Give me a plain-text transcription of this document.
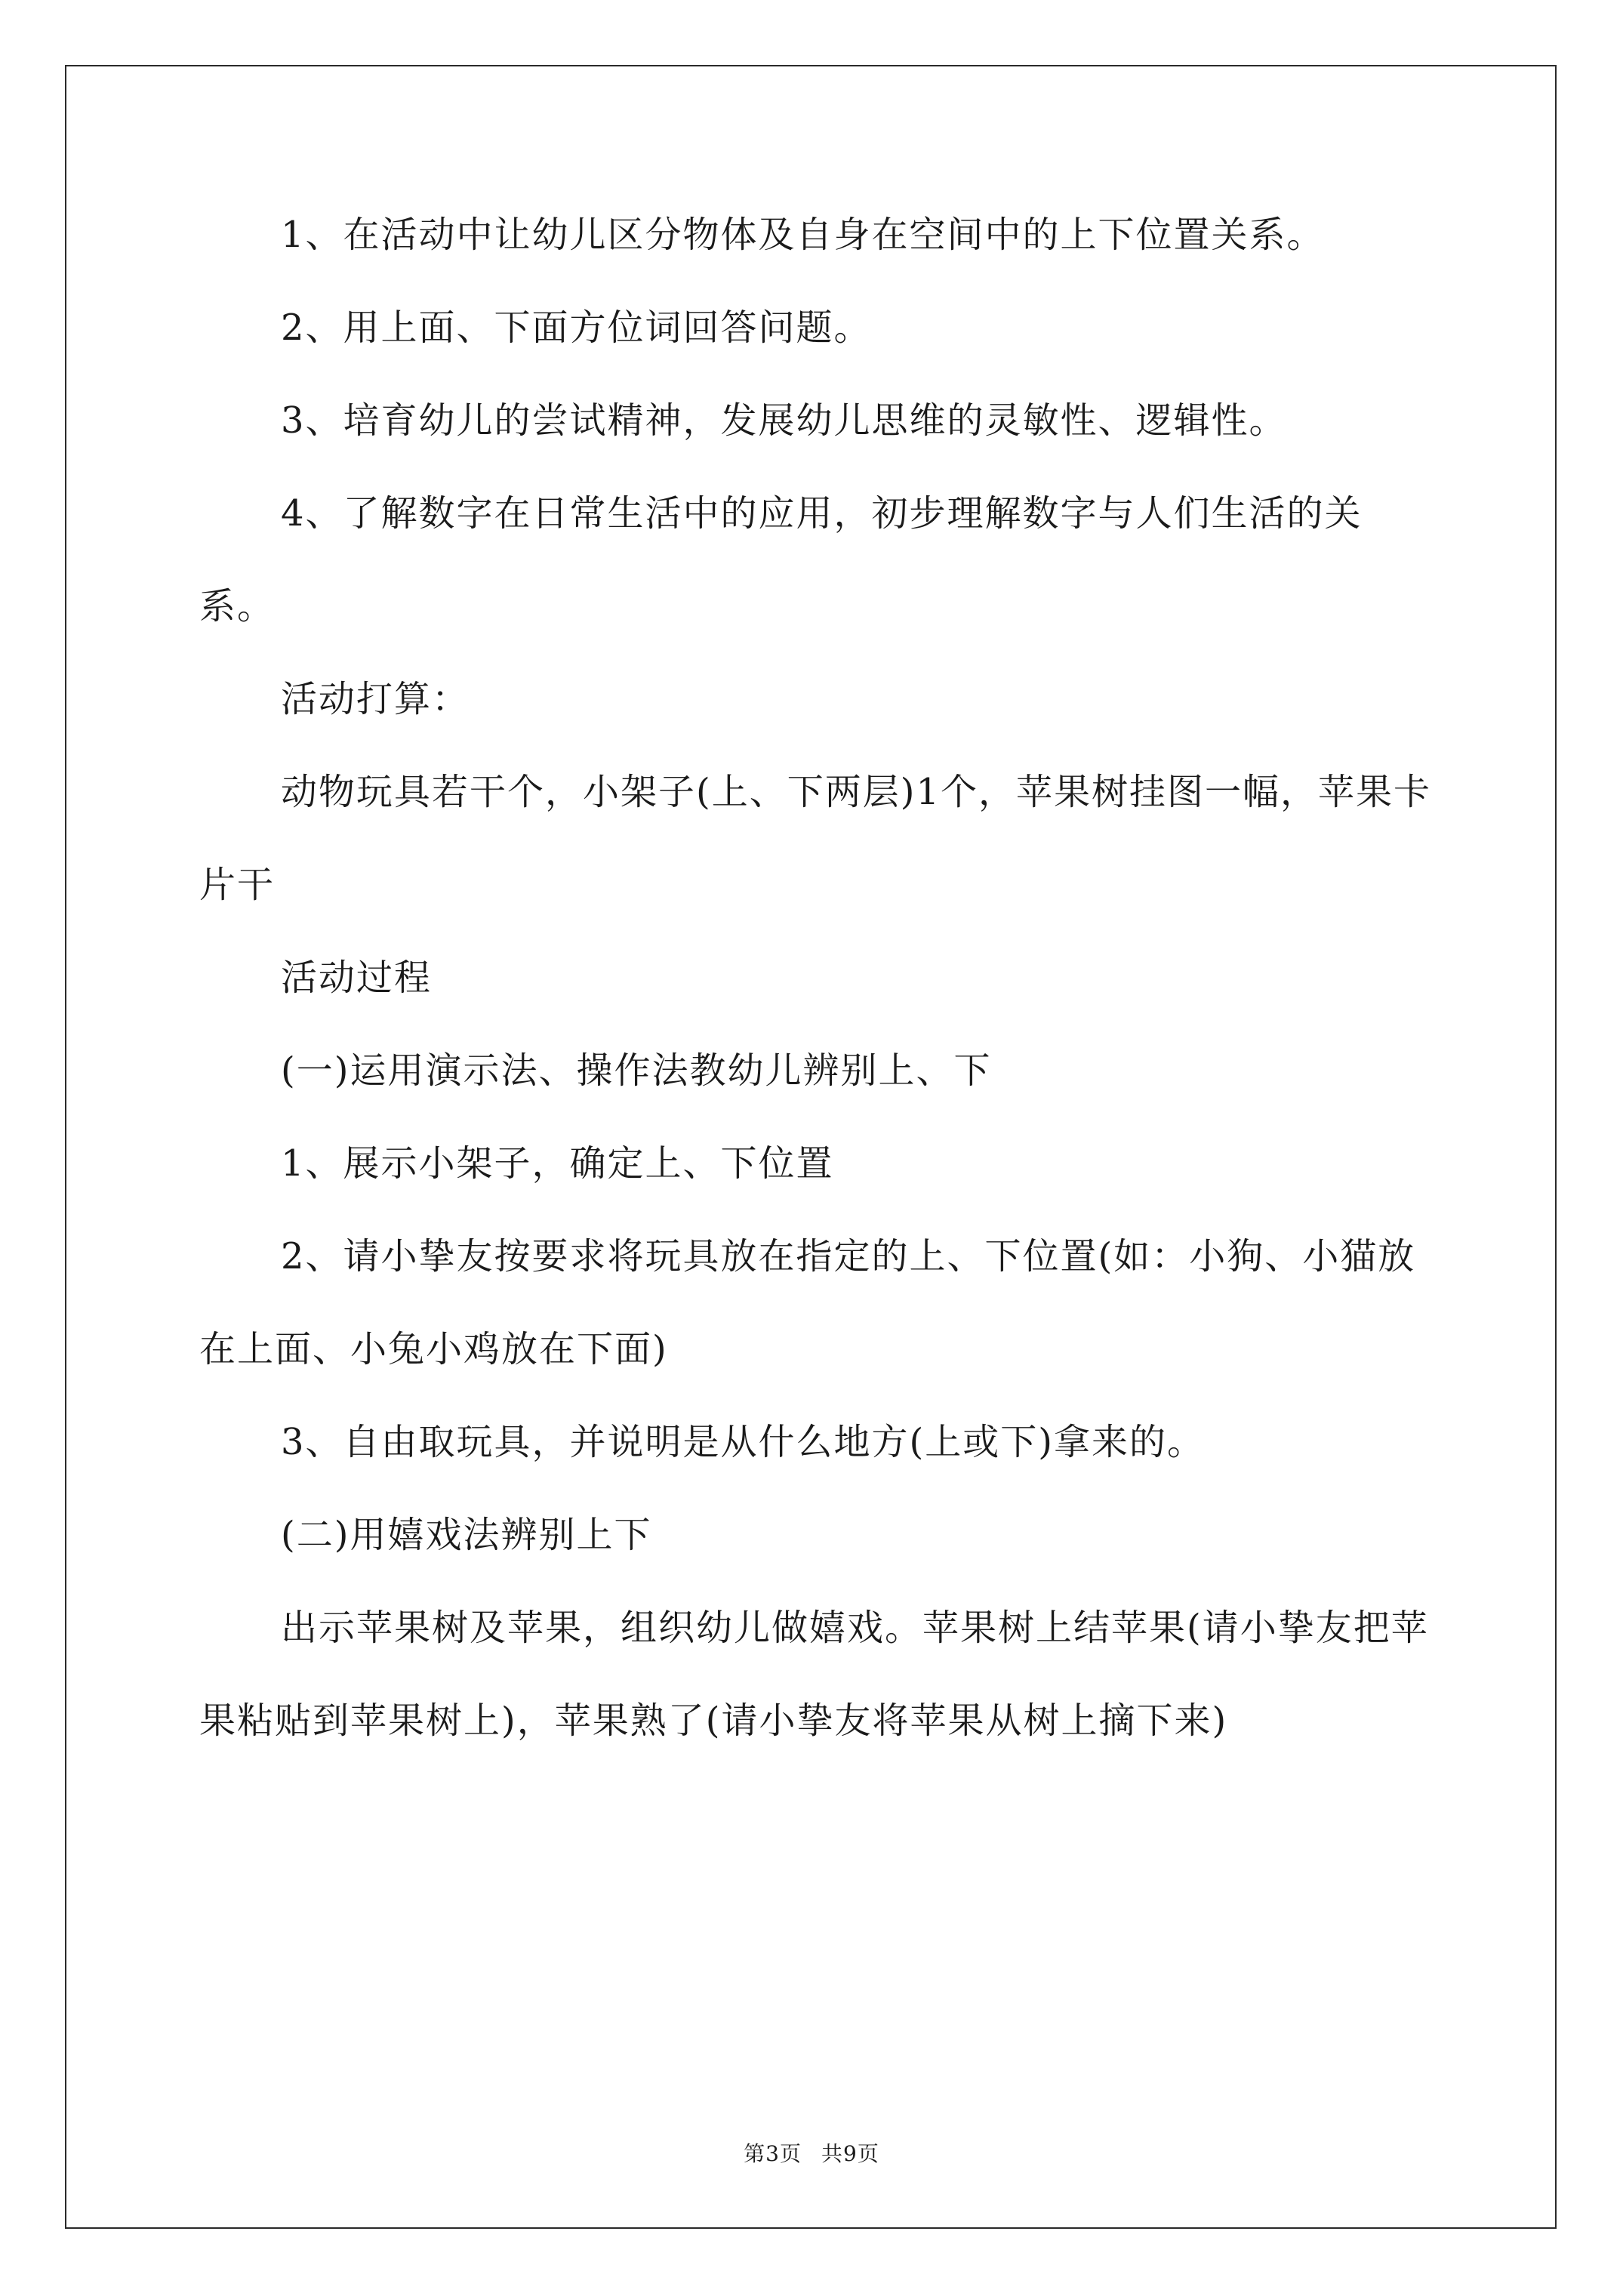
1、在活动中让幼儿区分物体及自身在空间中的上下位置关系。

2、用上面、下面方位词回答问题。

3、培育幼儿的尝试精神，发展幼儿思维的灵敏性、逻辑性。

4、了解数字在日常生活中的应用，初步理解数字与人们生活的关系。

活动打算：

动物玩具若干个，小架子(上、下两层)1个，苹果树挂图一幅，苹果卡片干

活动过程

(一)运用演示法、操作法教幼儿辨别上、下

1、展示小架子，确定上、下位置

2、请小挚友按要求将玩具放在指定的上、下位置(如：小狗、小猫放在上面、小兔小鸡放在下面)

3、自由取玩具，并说明是从什么地方(上或下)拿来的。

(二)用嬉戏法辨别上下

出示苹果树及苹果，组织幼儿做嬉戏。苹果树上结苹果(请小挚友把苹果粘贴到苹果树上)，苹果熟了(请小挚友将苹果从树上摘下来)

第3页 共9页
